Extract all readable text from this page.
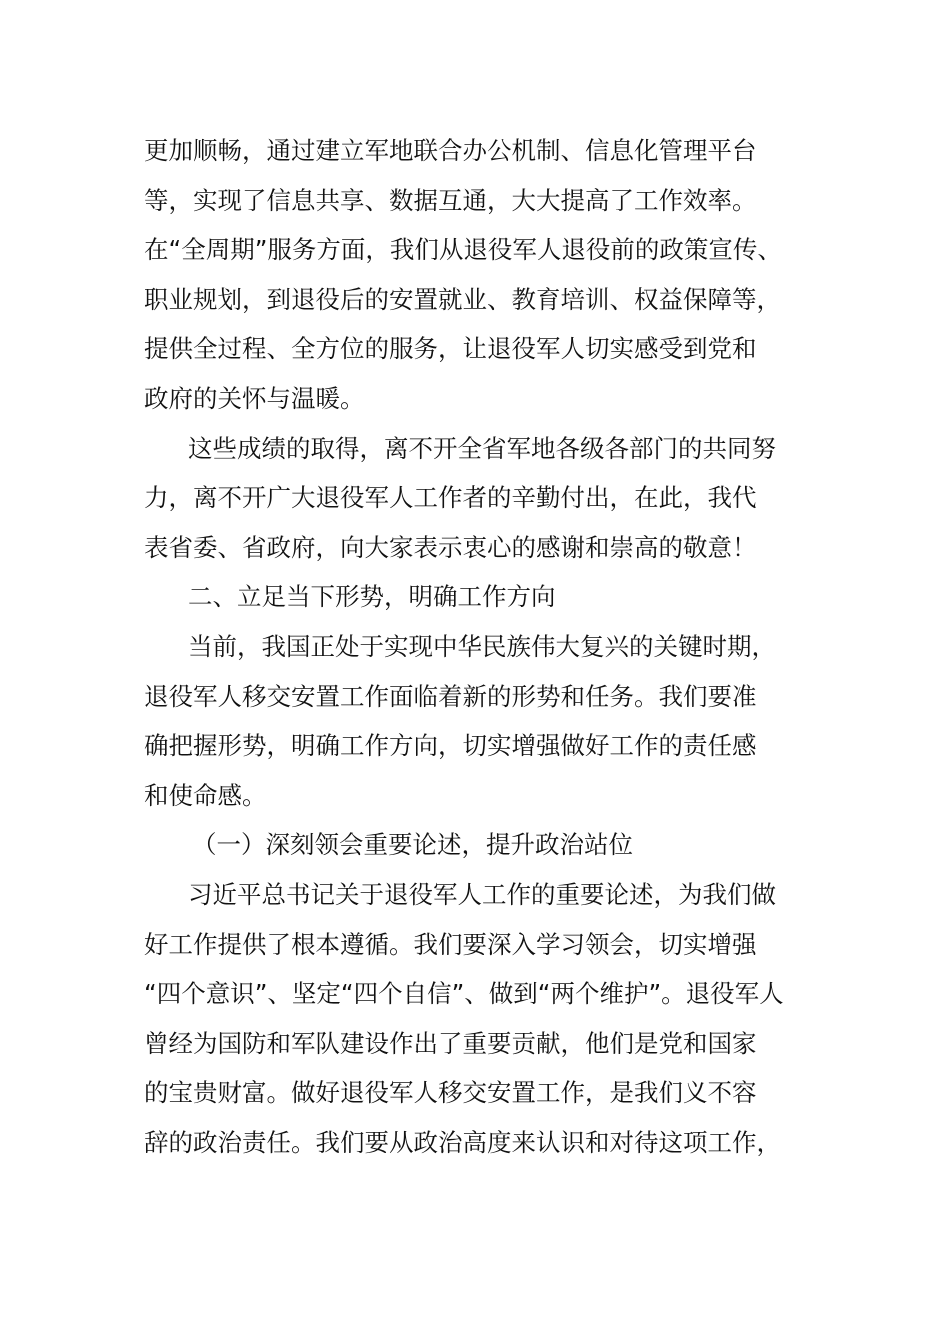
更加顺畅，通过建立军地联合办公机制、信息化管理平台
等，实现了信息共享、数据互通，大大提高了工作效率。
在“全周期”服务方面，我们从退役军人退役前的政策宣传、
职业规划，到退役后的安置就业、教育培训、权益保障等，
提供全过程、全方位的服务，让退役军人切实感受到党和
政府的关怀与温暖。
这些成绩的取得，离不开全省军地各级各部门的共同努
力，离不开广大退役军人工作者的辛勤付出，在此，我代
表省委、省政府，向大家表示衷心的感谢和崇高的敬意！
二、立足当下形势，明确工作方向
当前，我国正处于实现中华民族伟大复兴的关键时期，
退役军人移交安置工作面临着新的形势和任务。我们要准
确把握形势，明确工作方向，切实增强做好工作的责任感
和使命感。
（一）深刻领会重要论述，提升政治站位
习近平总书记关于退役军人工作的重要论述，为我们做
好工作提供了根本遵循。我们要深入学习领会，切实增强
“四个意识”、坚定“四个自信”、做到“两个维护”。退役军人
曾经为国防和军队建设作出了重要贡献，他们是党和国家
的宝贵财富。做好退役军人移交安置工作，是我们义不容
辞的政治责任。我们要从政治高度来认识和对待这项工作，
